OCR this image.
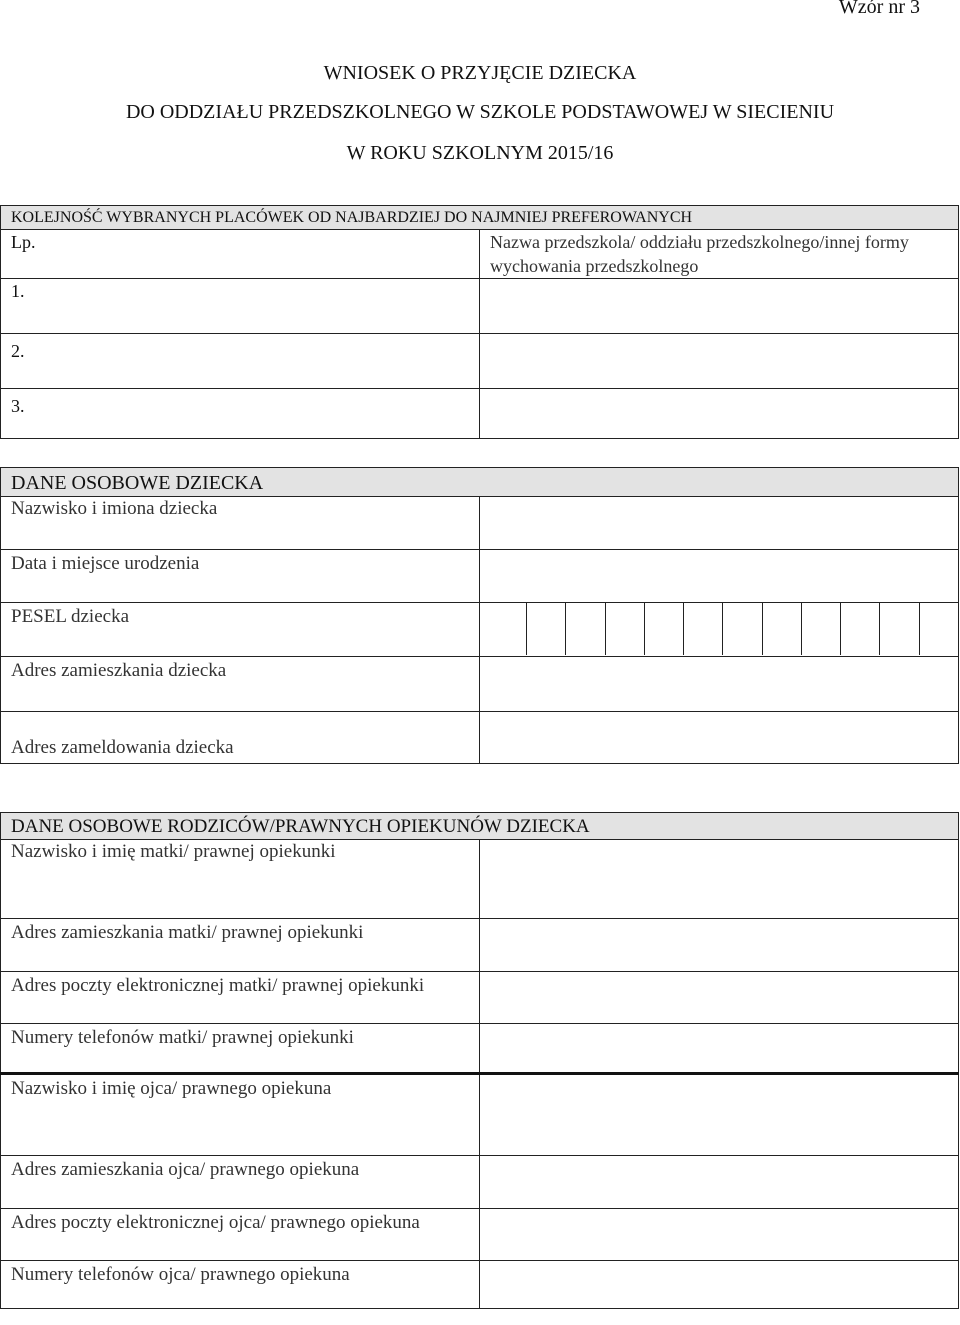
Wzór nr 3
WNIOSEK O PRZYJĘCIE DZIECKA
DO ODDZIAŁU PRZEDSZKOLNEGO W SZKOLE PODSTAWOWEJ W SIECIENIU
W ROKU SZKOLNYM 2015/16
KOLEJNOŚĆ WYBRANYCH PLACÓWEK OD NAJBARDZIEJ DO NAJMNIEJ PREFEROWANYCH	
Lp.	Nazwa przedszkola/ oddziału przedszkolnego/innej formy wychowania przedszkolnego
1.	
2.	
3.	
DANE OSOBOWE DZIECKA	
Nazwisko i imiona dziecka	
Data i miejsce urodzenia	
PESEL dziecka	

Adres zamieszkania dziecka	
Adres zameldowania dziecka	
DANE OSOBOWE RODZICÓW/PRAWNYCH OPIEKUNÓW DZIECKA	
Nazwisko i imię matki/ prawnej opiekunki	
Adres zamieszkania matki/ prawnej opiekunki	
Adres poczty elektronicznej matki/ prawnej opiekunki	
Numery telefonów matki/ prawnej opiekunki	
Nazwisko i imię ojca/ prawnego opiekuna	
Adres zamieszkania ojca/ prawnego opiekuna	
Adres poczty elektronicznej ojca/ prawnego opiekuna	
Numery telefonów ojca/ prawnego opiekuna	
